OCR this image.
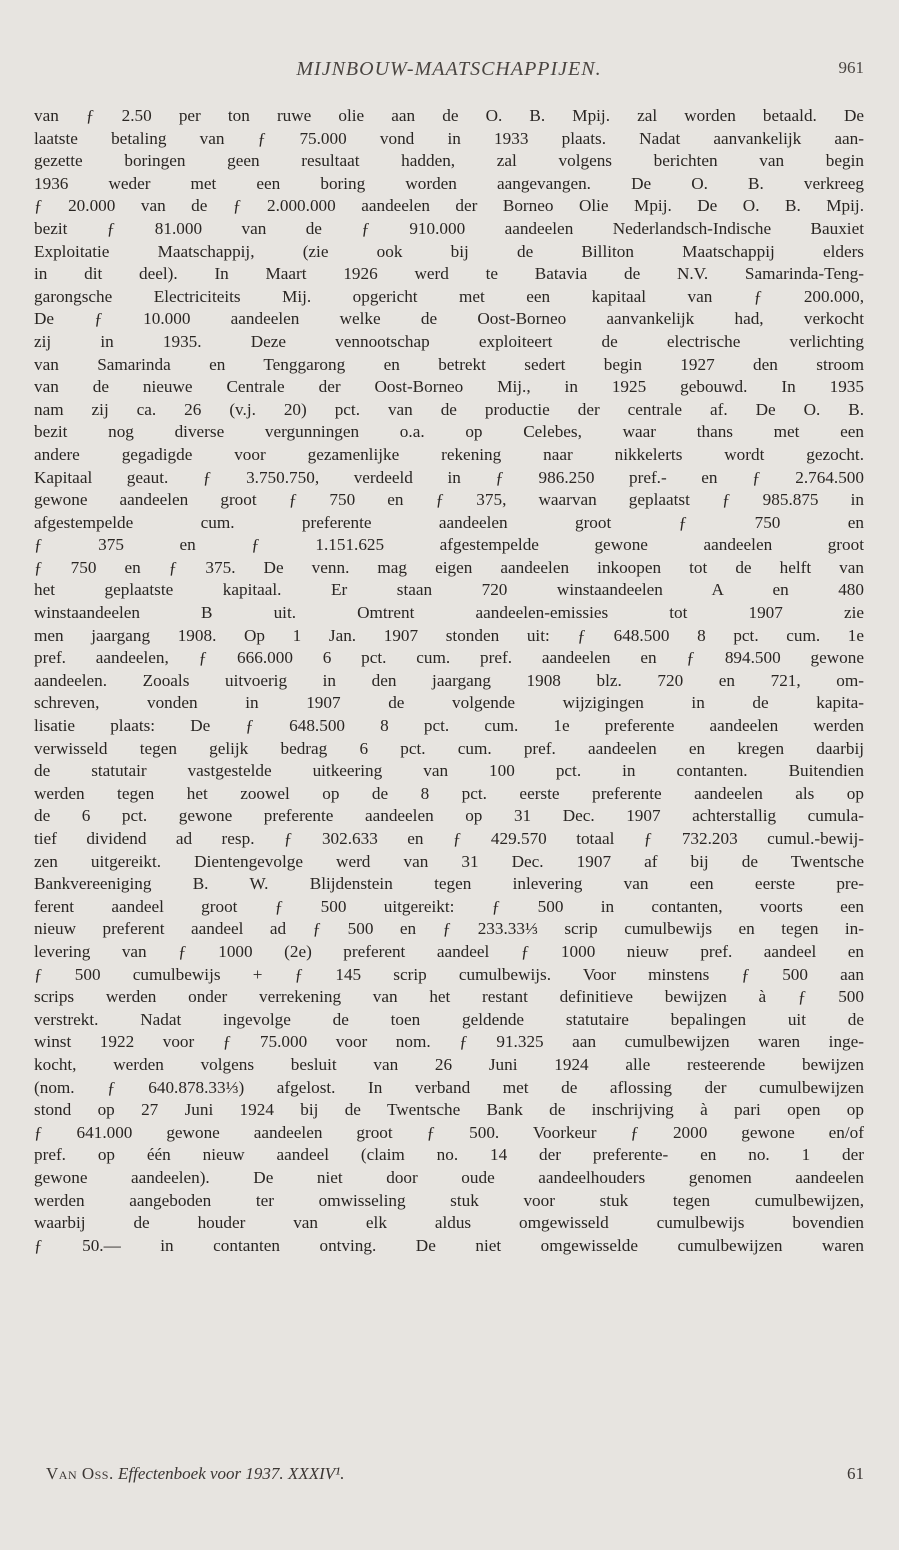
MIJNBOUW-MAATSCHAPPIJEN.	961
van ƒ 2.50 per ton ruwe olie aan de O. B. Mpij. zal worden betaald. De
laatste betaling van ƒ 75.000 vond in 1933 plaats. Nadat aanvankelijk aan-
gezette boringen geen resultaat hadden, zal volgens berichten van begin
1936 weder met een boring worden aangevangen. De O. B. verkreeg
ƒ 20.000 van de ƒ 2.000.000 aandeelen der Borneo Olie Mpij. De O. B. Mpij.
bezit ƒ 81.000 van de ƒ 910.000 aandeelen Nederlandsch-Indische Bauxiet
Exploitatie Maatschappij, (zie ook bij de Billiton Maatschappij elders
in dit deel). In Maart 1926 werd te Batavia de N.V. Samarinda-Teng-
garongsche Electriciteits Mij. opgericht met een kapitaal van ƒ 200.000,
De ƒ 10.000 aandeelen welke de Oost-Borneo aanvankelijk had, verkocht
zij in 1935. Deze vennootschap exploiteert de electrische verlichting
van Samarinda en Tenggarong en betrekt sedert begin 1927 den stroom
van de nieuwe Centrale der Oost-Borneo Mij., in 1925 gebouwd. In 1935
nam zij ca. 26 (v.j. 20) pct. van de productie der centrale af. De O. B.
bezit nog diverse vergunningen o.a. op Celebes, waar thans met een
andere gegadigde voor gezamenlijke rekening naar nikkelerts wordt gezocht.
Kapitaal geaut. ƒ 3.750.750, verdeeld in ƒ 986.250 pref.- en ƒ 2.764.500
gewone aandeelen groot ƒ 750 en ƒ 375, waarvan geplaatst ƒ 985.875 in
afgestempelde cum. preferente aandeelen groot ƒ 750 en
ƒ 375 en ƒ 1.151.625 afgestempelde gewone aandeelen groot
ƒ 750 en ƒ 375. De venn. mag eigen aandeelen inkoopen tot de helft van
het geplaatste kapitaal. Er staan 720 winstaandeelen A en 480
winstaandeelen B uit. Omtrent aandeelen-emissies tot 1907 zie
men jaargang 1908. Op 1 Jan. 1907 stonden uit: ƒ 648.500 8 pct. cum. 1e
pref. aandeelen, ƒ 666.000 6 pct. cum. pref. aandeelen en ƒ 894.500 gewone
aandeelen. Zooals uitvoerig in den jaargang 1908 blz. 720 en 721, om-
schreven, vonden in 1907 de volgende wijzigingen in de kapita-
lisatie plaats: De ƒ 648.500 8 pct. cum. 1e preferente aandeelen werden
verwisseld tegen gelijk bedrag 6 pct. cum. pref. aandeelen en kregen daarbij
de statutair vastgestelde uitkeering van 100 pct. in contanten. Buitendien
werden tegen het zoowel op de 8 pct. eerste preferente aandeelen als op
de 6 pct. gewone preferente aandeelen op 31 Dec. 1907 achterstallig cumula-
tief dividend ad resp. ƒ 302.633 en ƒ 429.570 totaal ƒ 732.203 cumul.-bewij-
zen uitgereikt. Dientengevolge werd van 31 Dec. 1907 af bij de Twentsche
Bankvereeniging B. W. Blijdenstein tegen inlevering van een eerste pre-
ferent aandeel groot ƒ 500 uitgereikt: ƒ 500 in contanten, voorts een
nieuw preferent aandeel ad ƒ 500 en ƒ 233.33⅓ scrip cumulbewijs en tegen in-
levering van ƒ 1000 (2e) preferent aandeel ƒ 1000 nieuw pref. aandeel en
ƒ 500 cumulbewijs + ƒ 145 scrip cumulbewijs. Voor minstens ƒ 500 aan
scrips werden onder verrekening van het restant definitieve bewijzen à ƒ 500
verstrekt. Nadat ingevolge de toen geldende statutaire bepalingen uit de
winst 1922 voor ƒ 75.000 voor nom. ƒ 91.325 aan cumulbewijzen waren inge-
kocht, werden volgens besluit van 26 Juni 1924 alle resteerende bewijzen
(nom. ƒ 640.878.33⅓) afgelost. In verband met de aflossing der cumulbewijzen
stond op 27 Juni 1924 bij de Twentsche Bank de inschrijving à pari open op
ƒ 641.000 gewone aandeelen groot ƒ 500. Voorkeur ƒ 2000 gewone en/of
pref. op één nieuw aandeel (claim no. 14 der preferente- en no. 1 der
gewone aandeelen). De niet door oude aandeelhouders genomen aandeelen
werden aangeboden ter omwisseling stuk voor stuk tegen cumulbewijzen,
waarbij de houder van elk aldus omgewisseld cumulbewijs bovendien
ƒ 50.— in contanten ontving. De niet omgewisselde cumulbewijzen waren
Van Oss. Effectenboek voor 1937. XXXIV¹.	61
